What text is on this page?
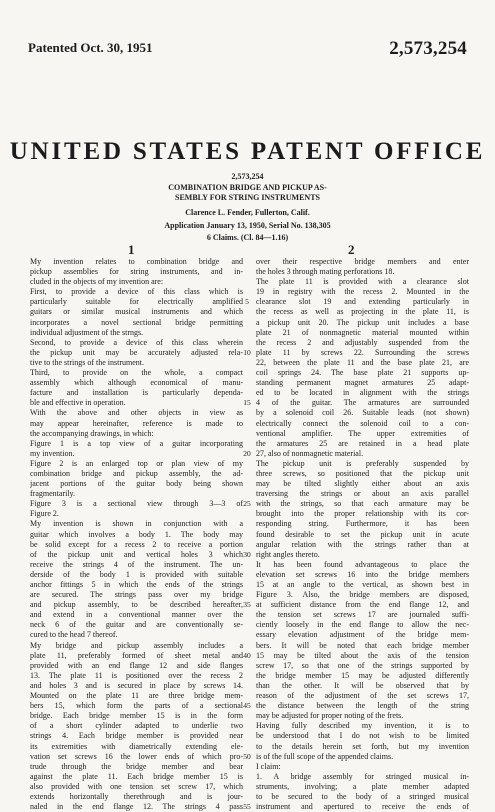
Patented Oct. 30, 1951	2,573,254
UNITED STATES PATENT OFFICE
2,573,254
COMBINATION BRIDGE AND PICKUP AS-
SEMBLY FOR STRING INSTRUMENTS
Clarence L. Fender, Fullerton, Calif.
Application January 13, 1950, Serial No. 138,305
6 Claims. (Cl. 84—1.16)
1	2
My invention relates to combination bridge and
pickup assemblies for string instruments, and in-
cluded in the objects of my invention are:
First, to provide a device of this class which is
particularly suitable for electrically amplified
guitars or similar musical instruments and which
incorporates a novel sectional bridge permitting
individual adjustment of the strngs.
Second, to provide a device of this class wherein
the pickup unit may be accurately adjusted rela-
tive to the strings of the instrument.
Third, to provide on the whole, a compact
assembly which although economical of manu-
facture and installation is particularly dependa-
ble and effective in operation.
With the above and other objects in view as
may appear hereinafter, reference is made to
the accompanying drawings, in which:
Figure 1 is a top view of a guitar incorporating
my invention.
Figure 2 is an enlarged top or plan view of my
combination bridge and pickup assembly, the ad-
jacent portions of the guitar body being shown
fragmentarily.
Figure 3 is a sectional view through 3—3 of
Figure 2.
My invention is shown in conjunction with a
guitar which involves a body 1. The body may
be solid except for a recess 2 to receive a portion
of the pickup unit and vertical holes 3 which
receive the strings 4 of the instrument. The un-
derside of the body 1 is provided with suitable
anchor fittings 5 in which the ends of the strings
are secured. The strings pass over my bridge
and pickup assembly, to be described hereafter,
and extend in a conventional manner over the
neck 6 of the guitar and are conventionally se-
cured to the head 7 thereof.
My bridge and pickup assembly includes a
plate 11, preferably formed of sheet metal and
provided with an end flange 12 and side flanges
13. The plate 11 is positioned over the recess 2
and holes 3 and is secured in place by screws 14.
Mounted on the plate 11 are three bridge mem-
bers 15, which form the parts of a sectional
bridge. Each bridge member 15 is in the form
of a short cylinder adapted to underlie two
strings 4. Each bridge member is provided near
its extremities with diametrically extending ele-
vation set screws 16 the lower ends of which pro-
trude through the bridge member and bear
against the plate 11. Each bridge member 15 is
also provided with one tension set screw 17, which
extends horizontally therethrough and is jour-
naled in the end flange 12. The strings 4 pass
over their respective bridge members and enter
the holes 3 through mating perforations 18.
The plate 11 is provided with a clearance slot
19 in registry with the recess 2. Mounted in the
clearance slot 19 and extending particularly in
the recess as well as projecting in the plate 11, is
a pickup unit 20. The pickup unit includes a base
plate 21 of nonmagnetic material mounted within
the recess 2 and adjustably suspended from the
plate 11 by screws 22. Surrounding the screws
22, between the plate 11 and the base plate 21, are
coil springs 24. The base plate 21 supports up-
standing permanent magnet armatures 25 adapt-
ed to be located in alignment with the strings
4 of the guitar. The armatures are surrounded
by a solenoid coil 26. Suitable leads (not shown)
electrically connect the solenoid coil to a con-
ventional amplifier. The upper extremities of
the armatures 25 are retained in a head plate
27, also of nonmagnetic material.
The pickup unit is preferably suspended by
three screws, so positioned that the pickup unit
may be tilted slightly either about an axis
traversing the strings or about an axis parallel
with the strings, so that each armature may be
brought into the proper relationship with its cor-
responding string. Furthermore, it has been
found desirable to set the pickup unit in acute
angular relation with the strings rather than at
right angles thereto.
It has been found advantageous to place the
elevation set screws 16 into the bridge members
15 at an angle to the vertical, as shown best in
Figure 3. Also, the bridge members are disposed,
at sufficient distance from the end flange 12, and
the tension set screws 17 are journaled suffi-
ciently loosely in the end flange to allow the nec-
essary elevation adjustment of the bridge mem-
bers. It will be noted that each bridge member
15 may be tilted about the axis of the tension
screw 17, so that one of the strings supported by
the bridge member 15 may be adjusted differently
than the other. It will be observed that by
reason of the adjustment of the set screws 17,
the distance between the length of the string
may be adjusted for proper noting of the frets.
Having fully described my invention, it is to
be understood that I do not wish to be limited
to the details herein set forth, but my invention
is of the full scope of the appended claims.
I claim:
1. A bridge assembly for stringed musical in-
struments, involving; a plate member adapted
to be secured to the body of a stringed musical
instrument and apertured to receive the ends of
5
10
15
20
25
30
35
40
45
50
55
